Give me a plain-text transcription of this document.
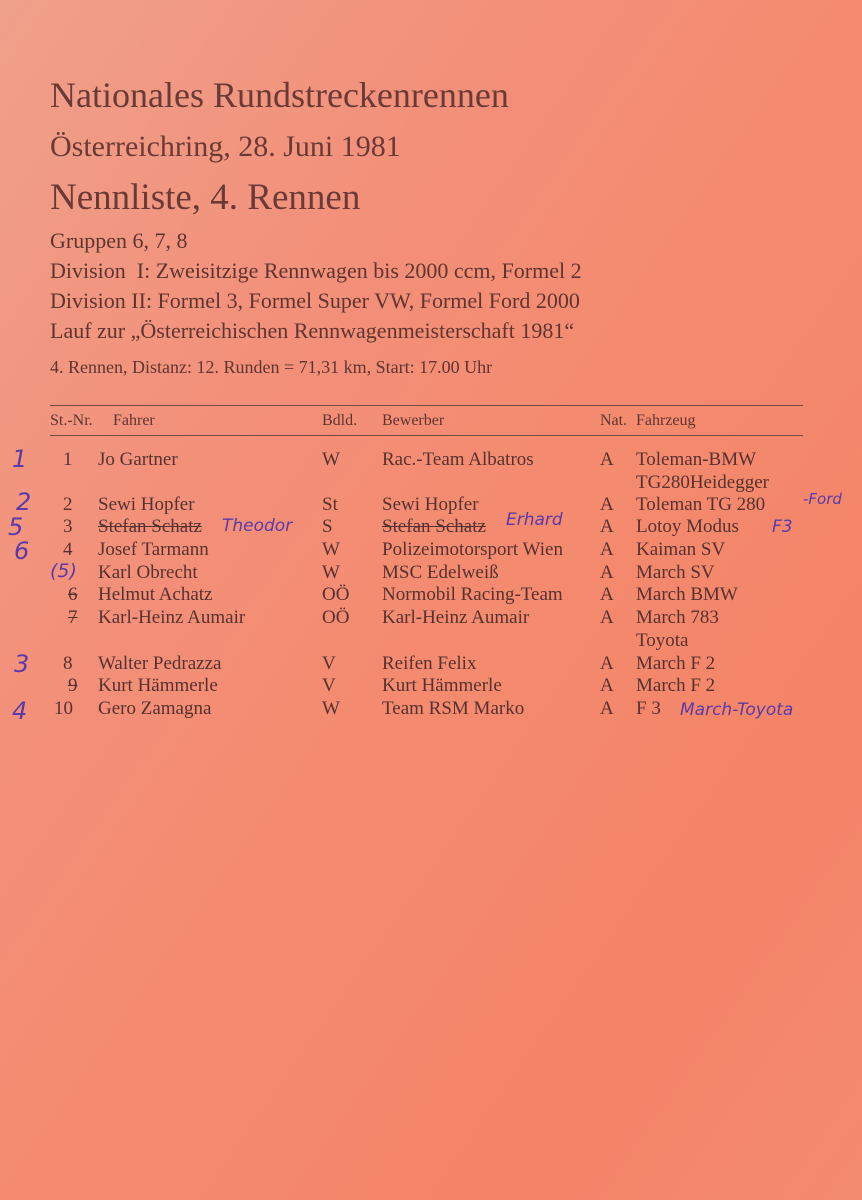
Nationales Rundstreckenrennen
Österreichring, 28. Juni 1981
Nennliste, 4. Rennen
Gruppen 6, 7, 8
Division  I: Zweisitzige Rennwagen bis 2000 ccm, Formel 2
Division II: Formel 3, Formel Super VW, Formel Ford 2000
Lauf zur „Österreichischen Rennwagenmeisterschaft 1981“
4. Rennen, Distanz: 12. Runden = 71,31 km, Start: 17.00 Uhr
St.-Nr. Fahrer	Bdld. Bewerber	Nat. Fahrzeug
1 Jo Gartner	W Rac.-Team Albatros	A Toleman-BMW
TG280Heidegger
2 Sewi Hopfer	St Sewi Hopfer	A Toleman TG 280
3 Stefan Schatz	S	Stefan Schatz	A Lotoy Modus
4 Josef Tarmann	W Polizeimotorsport Wien A Kaiman SV
Karl Obrecht	W MSC Edelweiß	A March SV
6 Helmut Achatz	OÖ Normobil Racing-Team A March BMW
7 Karl-Heinz Aumair	OÖ Karl-Heinz Aumair	A March 783
Toyota
8 Walter Pedrazza	V Reifen Felix	A March F 2
9 Kurt Hämmerle	V Kurt Hämmerle	A March F 2
10 Gero Zamagna	W Team RSM Marko	A F 3
1
2
5
6
(5)
3
4
Theodor	Erhard
-Ford
F3
March-Toyota
